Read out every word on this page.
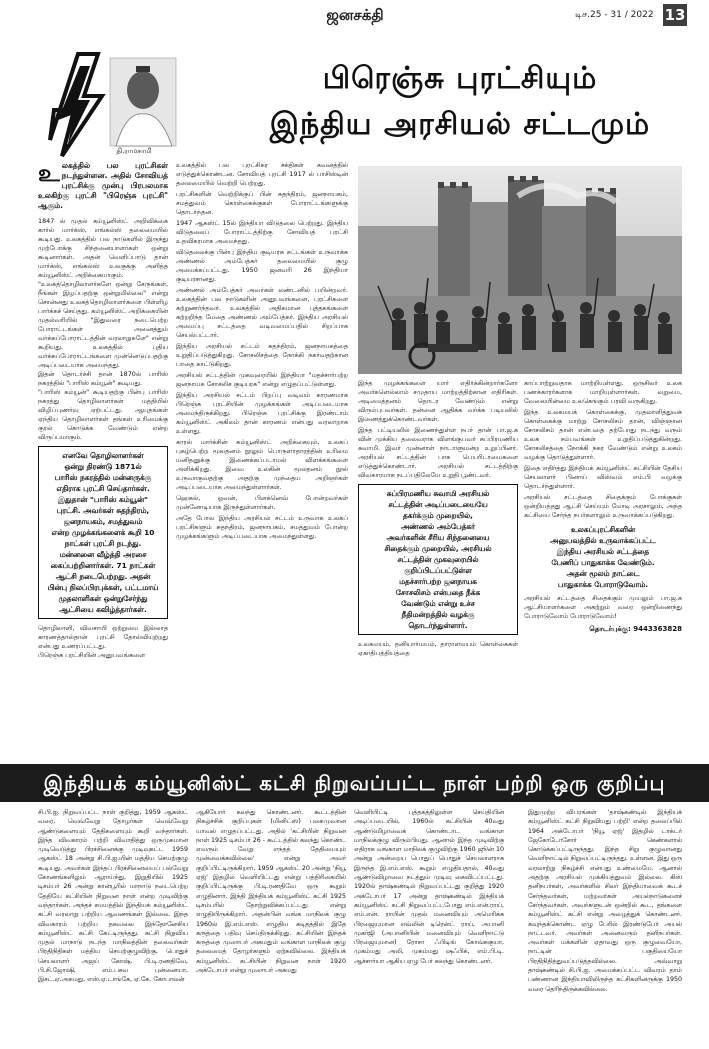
ஜனசக்தி	டிச.25 - 31 / 2022 13
தி.ராமசாமி
பிரெஞ்சு புரட்சியும்
இந்திய அரசியல் சட்டமும்
உ லகத்தில் பல புரட்சிகள் நடந்துள்ளன. அதில் சோவியத் புரட்சிக்கு முன்பு பிரபலமாக உலகிற்கு புரட்சி "பிரெஞ்சு புரட்சி" ஆகும்.

1847 ல் முதல் கம்யூனிஸ்ட் அறிவிக்கை கார்ல் மார்க்ஸ், எங்கல்ஸ் தலைமையில் கூடியது. உலகத்தில் பல நாடுகளில் இருந்து முற்போக்கு சிந்தனையாளர்கள் ஒன்று கூடினார்கள். அதன் வெளிப்பாடு தான் மார்க்ஸ், எங்கல்ஸ் உலகுக்கு அளித்த கம்யூனிஸ்ட் அறிக்கையாகும்.

"உலகத்தொழிலாளர்களே ஒன்று சேருங்கள், நீங்கள் இழப்பதற்கு ஒன்றுமில்லை" என்று சொன்னது உலகத்தொழிலாளர்களை பிள்ளிழ பார்க்கச் செய்தது. கம்யூனிஸ்ட் அறிக்கையின் முதல்வரியில் "இதுவரை நடைபெற்ற போராட்டங்கள் அனைத்தும் வர்க்கப்போராட்டத்தின் வரலாறுகளே" என்று கூறியது. உலகத்தில் புதிய வர்க்கப்போராட்டங்களை முன்னெடுப்பதற்கு அடிப்படையாக அமைந்தது.

இதன் தொடர்ச்சி தான் 1870ல் பாரிஸ் நகரத்தில் "பாரிஸ் கம்யூன்" கூடியது.

"பாரிஸ் கம்யூன்" கூடியதற்கு பின்பு பாரிஸ் நகரத்து தொழிலாளர்கள் மத்தியில் விழிப்புணர்வு ஏற்பட்டது. ஆயுதங்கள் ஏந்திய தொழிலாளர்கள் தங்கள் உரிமைக்கு குரல் கொடுக்க வேண்டும் என்ற விருப்பமாகும்.

எனவே தொழிலாளர்கள்
ஒன்று திரண்டு 1871ல்
பாரிஸ் நகரத்தில் மன்னருக்கு
எதிராக புரட்சி செய்தார்கள்.
இதுதான் "பாரிஸ் கம்யூன்"
புரட்சி. அவர்கள் சுதந்திரம்,
ஜனநாயகம், சமத்துவம்
என்ற முழக்கங்களைக் கூறி 10
நாட்கள் புரட்சி நடந்து.
மன்னனை வீழ்த்தி அரசை
கைப்பற்றினார்கள். 71 நாட்கள்
ஆட்சி நடைபெற்றது. அதன்
பின்பு நிலப்பிரபுக்கள், பட்டமாய்
முதலாளிகள் ஒன்றுசேர்ந்து
ஆட்சியை கவிழ்த்தார்கள்.

தொழிலாளி, விவசாயி ஒற்றுமை இல்லாத காரணத்தால்தான் புரட்சி தோல்வியுற்றது என்பது உணரப்பட்டது.

பிரெஞ்சு புரட்சியின் அனுபவங்களை

உலகத்தில் பல புரட்சிகர சக்திகள் கவனத்தில் எடுத்துக்கொண்டன. சோவியத் புரட்சி 1917 ல் பாசிஸ்டின் தலைமையில் வெற்றி பெற்றது.

புரட்சிகளின் வெற்றிக்குப் பின் சுதந்திரம், ஜனநாயகம், சமத்துவம் கொள்கைக்குகள் போராட்டங்களுக்கு தொடர்ந்தன.

1947 ஆகஸ்ட் 15ல் இந்தியா விடுதலை பெற்றது. இந்திய விடுதலைப் போராட்டத்திற்கு சோவியத் புரட்சி உதவிகரமாக அமைந்தது.

விடுதலைக்கு பின்பு இந்திய குடியரசு சட்டங்கள் உருவாக்க அண்ணல் அம்பேத்கர் தலைமையில் குழு அமைக்கப்பட்டது. 1950 ஜனவரி 26 இந்தியா குடியரசானது.

அண்ணல் அம்பேத்கர் அவர்கள் லண்டனில் பயின்றவர். உலகத்தின் பல நாடுகளின் அனுபவங்களை, புரட்சிகளை கற்றுணர்ந்தவர். உலகத்தில் அதிகமான புத்தகங்களை கற்றறிந்த மேதை அண்ணல் அம்பேத்கர். இந்திய அரசியல் அமைப்பு சட்டத்தை வடிவமைப்பதில் சிறப்பாக செயல்பட்டார்.

இந்திய அரசியல் சட்டம் சுதந்திரம், ஜனநாயகத்தை உறுதிப்படுத்துகிறது. சோசலிசத்தை நோக்கி நகர்வதற்கான பாதை காட்டுகிறது.

அரசியல் சட்டத்தின் முகவுரையில் இந்தியா "மதச்சார்பற்ற ஜனநாயக சோசலிச குடியரசு" என்று எழுதப்பட்டுள்ளது.

இந்திய அரசியல் சட்டம் பிறப்பு வடிவம் காரணமாக பிரெஞ்சு புரட்சியின் முழக்கங்கள் அடிப்படையாக அமைந்திருக்கிறது. பிரெஞ்சு புரட்சிக்கு இரண்டாம் கம்யூனிஸ்ட் அகிலம் தான் காரணம் என்பது வரலாறாக உள்ளது.

காரல் மார்க்சின் கம்யூனிஸ்ட் அறிக்கையும், உலகப் புகழ்பெற்ற மூலதனம் நூலும் பொருளாதாரத்தின் உரிமை மனிதனுக்கு இணைக்கப்படாமல் விளக்கங்களை அளிக்கிறது. இவை உலகின் மூலதனம் நூல் உருவாகுவதற்கு அதற்கு முந்தைய அறிஞர்கள் அடிப்படையாக அமைந்துள்ளார்கள்.

ஹெகல், ஓவன், பிளக்னெவ் போன்றவர்கள் முன்னோடியாக இருந்துள்ளார்கள்.

அதே போல இந்திய அரசியல் சட்டம் உருவாக உலகப் புரட்சிகளும் சுதந்திரம், ஜனநாயகம், சமத்துவம் போன்ற முழக்கங்களும் அடிப்படையாக அமைந்துள்ளது.

இந்த முழக்கங்களை யார் எதிர்க்கின்றார்களோ அவர்களெல்லாம் சமுதாய மாற்றத்திற்கான எதிரிகள். அடிமைத்தனம் தொடர வேண்டும் என்று விரும்புபவர்கள். தன்னை ஆதிக்க வர்க்க படியலில் இணைத்துக்கொண்டவர்கள்.

இந்த பட்டியலில் இணைந்துள்ள நபர் தான் பா.ஜ.க வின் முக்கிய தலைவராக விளங்குபவர் சுப்பிரமணிய சுவாமி. இவர் முன்னாள் நாடாளுமன்ற உறுப்பினர். அரசியல் சட்டத்தின் பாக பெயரிடாமைகளை எடுத்துக்கொண்டார். அரசியல் சட்டத்திற்கு விவகாரமாக நடப்பதிலேயே உறுதி பூண்டவர்.

சுப்பிரமணிய சுவாமி அரசியல்
சட்டத்தின் அடிப்படையையே
தகர்க்கும் முறையில்,
அண்ணல் அம்பேத்கர்
அவர்களின் சீரிய சிந்தனையை
சிதைக்கும் முறையில், அரசியல்
சட்டத்தின் முகவுரையில்
குறிப்பிடப்பட்டுள்ள
மதச்சார்பற்ற ஜனநாயக
சோசலிசம் என்பதை நீக்க
வேண்டும் என்று உச்ச
நீதிமன்றத்தில் வழக்கு
தொடர்ந்துள்ளார்.

உலகமயம், தனியார்மயம், தாராளமயம் கொள்கைகள் ஏகாதிபத்தியத்தை

காப்பாற்றுவதாக மாற்றியுள்ளது. ஒருசிலர் உலக பணக்காரர்களாக மாறியுள்ளார்கள். வறுமை, வேலையின்மை உலகெங்கும் பரவி வருகிறது.

இந்த உலகமயக் கொள்கைக்கு, முதலாளித்துவக் கொள்கைக்கு மாற்று சோசலிசம் தான், விஞ்ஞான சோசலிசம் தான் என்பதை தற்போது நடந்து வரும் உலக சம்பவங்கள் உறுதிப்படுத்துகின்றது. சோசலிசத்தை நோக்கி நகர வேண்டும் என்று உலகம் வழக்கு தொடுத்துள்ளார்.

இதை எதிர்த்து இந்தியக் கம்யூனிஸ்ட் கட்சியின் தேசிய செயலாளர் பினாய் விஸ்வம் எம்.பி வழக்கு தொடர்ந்துள்ளார்.

அரசியல் சட்டத்தை சிதைக்கும் போக்குகள் ஒன்றியத்தது ஆட்சி செய்யும் மோடி அரசாலும், அந்த கட்சியை சேர்ந்த நபர்களாலும் உருவாக்கப்படுகிறது.

உலகப்புரட்சிகளின்
அனுபவத்தில் உருவாக்கப்பட்ட
இந்திய அரசியல் சட்டத்தை
பேணிப் பாதுகாக்க வேண்டும்.
அதன் மூலம் நாட்டை
பாதுகாக்க போராடுவோம்.

அரசியல் சட்டத்தை சிதைக்கும் முயலும் பா.ஜ.க ஆட்சியாளர்களை அகற்றும் வரை ஒன்றிணைந்து போராடுவோம் போராடுவோம்!

தொடர்புக்கு: 9443363828
இந்தியக் கம்யூனிஸ்ட் கட்சி நிறுவப்பட்ட நாள் பற்றி ஒரு குறிப்பு
சி.பி.ஐ. நிறுவப்பட்ட நாள் குறித்து, 1959 ஆகஸ்ட் வரை, வெவ்வேறு தோழர்கள் வெவ்வேறு ஆண்டுகளையும் தேதிகளையும் கூறி வந்தார்கள். இந்த விவகாரம் பற்றி விவாதித்து ஒருமுகமான முடிவெடுத்து பிரச்சினைக்கு முடிவுகட்ட 1959 ஆகஸ்ட் 18 அன்று சி.பி.ஐ.யின் மத்திய செயற்குழு கூடியது. அவர்கள் இந்தப் பிரச்சினையைப் பல்வேறு கோணங்களிலும் ஆராய்ந்து, இறுதியில் 1925 டிசம்பர் 26 அன்று கான்பூரில் மாநாடு நடைபெற்ற தேதியே கட்சியின் நிறுவன நாள் என்ற முடிவிற்கு வந்தார்கள். அந்தச் சமயத்தில் இந்தியக் கம்யூனிஸ்ட் கட்சி வரலாறு பற்றிய ஆவணங்கள் இல்லை. இந்த விவகாரம் பற்றிய தகவலை இந்தோனேசிய கம்யூனிஸ்ட் கட்சி கேட்டிருந்தது. கட்சி நிறுவிய முதல் மாநாடு நடந்த மாநிலத்தின் தலைவர்கள் பிரதிநிதிகள் மத்திய செயற்குழுவிற்கு, பொதுச் செயலாளர் அஜய் கோஷ், பி.டி.ரணதிவே, பி.சி.ஜோஷி, எம்.பசவ புன்னையா, இசட்.ஏ.அகமது, எஸ்.ஏ.டாங்கே, ஏ.கே. கோபாலன்
ஆகியோர் கலந்து கொண்டனர். கூட்டத்தின் நிகழ்ச்சிக் குறிப்புகள் (மினிட்ஸ்) பலசுமுவான யாவல் எழுதப்பட்டது. அதில் 'கட்சியின் நிறுவன நாள் 1925 டிசம்பர் 26 - கூட்டத்தில் கலந்து கொண்ட எவரும் வேறு எந்தத் தேதியையும் முன்வைக்கவில்லை' என்று அவர் குறிப்பிட்டிருக்கிறார். 1959 ஆகஸ்ட் 20 அன்று 'நியூ ஏஜ்' இதழில் வெளியிட்டது என்று பத்திரிகையில் குறிப்பிட்டிருக்கு பி.டி.ரணதிவே ஒரு கூறும் எழுதினார். இந்தி இந்தியக் கம்யூனிஸ்ட் கட்சி 1925 டிசம்பரில் தோற்றுவிக்கப்பட்டது என்று எழுதியிருக்கிறார். அதன்பின் வங்க மாநிலக் குழு 1960ல் இ.எம்.எஸ். எழுதிய கடிதத்தில் இதே கருத்தை பதிவு செய்திருக்கிறது. கட்சியின் இந்தக் கருத்தை முஸாபர் அகமதும் வங்காள மாநிலக் குழு தலைமைத் தோழர்களும் ஏற்கவில்லை. இந்தியக் கம்யூனிஸ்ட் கட்சியின் நிறுவன நாள் 1920 அக்டோபர் என்று முஸாபர் அகமது
வெளியிட்டி புத்தகத்திலுள்ள செய்தியின் அடிப்படையில், 1960ல் கட்சியின் 40வது ஆண்டுமிழாவைக் கொண்டாட வங்காள மாநிலக்குழு விரும்பியது. ஆனால் இந்த முடிவிற்கு எதிராக வங்காள மாநிலக் குழுவிற்கு 1960 ஜூன் 10 அன்று அன்றைய பொதுப் பொதுச் செயலாளராக இருந்த இ.எம்.எஸ். கூறும் எழுதியதால், 40வது ஆண்டுவிழாவை நடத்தும் முடிவு கைவிடப்பட்டது. 1920ல் தாஷ்கண்டில் நிறுவப்பட்டது குறித்து 1920 அக்டோபர் 17 அன்று தாஷ்கண்டில் இந்தியக் கம்யூனிஸ்ட் கட்சி நிறுவப்பட்டபோது எம்.என்.ராய், எம்.என். ராயின் முதல் மனைவியும் அமெரிக்க பிரஜையுமான எவ்லின் டிரென்ட் ராய், அபானி முகர்ஜி (அபானியின் மனைவியும் வெளிநாட்டு பிரஜையுமான) ரோசா ஃபிடிங் கோவ்சுகுயா, முகம்மது அலி, முகம்மது ஷஃபிக், எம்.பி.டி. ஆச்சார்யா ஆகிய ஏழு பேர் கலந்து கொண்டனர்.
இதுமுற்ற விபரங்கள் 'தாஷ்கண்டில் இந்தியக் கம்யூனிஸ்ட் கட்சி நிறுவியது பற்றி' என்ற தலைப்பில் 1964 அக்டோபர் 'நியூ ஏஜ்' இதழில் டாக்டர் ஜேகோடோசோர் கெண்களால் கொடுக்கப்பட்டிருந்தது. இந்த சிறு குழுவானது வெளிநாட்டில் நிறுவப்பட்டிருந்தது. உள்ளன. இது ஒரு வரலாற்று நிகழ்ச்சி என்பது உண்மையே. ஆனால் அதற்கு அரசியல் முக்கியத்துவம் இல்லை. கிஸ் தனிநபர்கள், அவர்களில் சிலர் இந்தியாவைக் கூடச் சேர்ந்தவர்கள், மற்றவர்கள் அயல்நாடுகளைச் சேர்ந்தவர்கள். அவர்களுடன் ஒன்றில் கூட, தங்களை கம்யூனிஸ்ட் கட்சி என்று அழைத்துக் கொண்டனர். கவுந்தக்கொண்ட ஏழு பேரில் இரண்டுபேர் அயல் நாட்டவர். அவர்கள் அனைவரும் தனிநபர்கள். அவர்கள் மக்களின் ஏதாவது ஒரு குழுவையோ, நாட்டின் பகுதியையோ பிரதிநிதித்துவப்படுத்தவில்லை. அவ்வாறு தாஷ்கண்டில் சி.பி.ஐ. அமைக்கப்பட்ட விவரம் தாம் பண்ணான இந்தியாவிலிருந்த கட்சிகளினருக்கு 1950 வரை தெரிந்திருக்கவில்லை.
